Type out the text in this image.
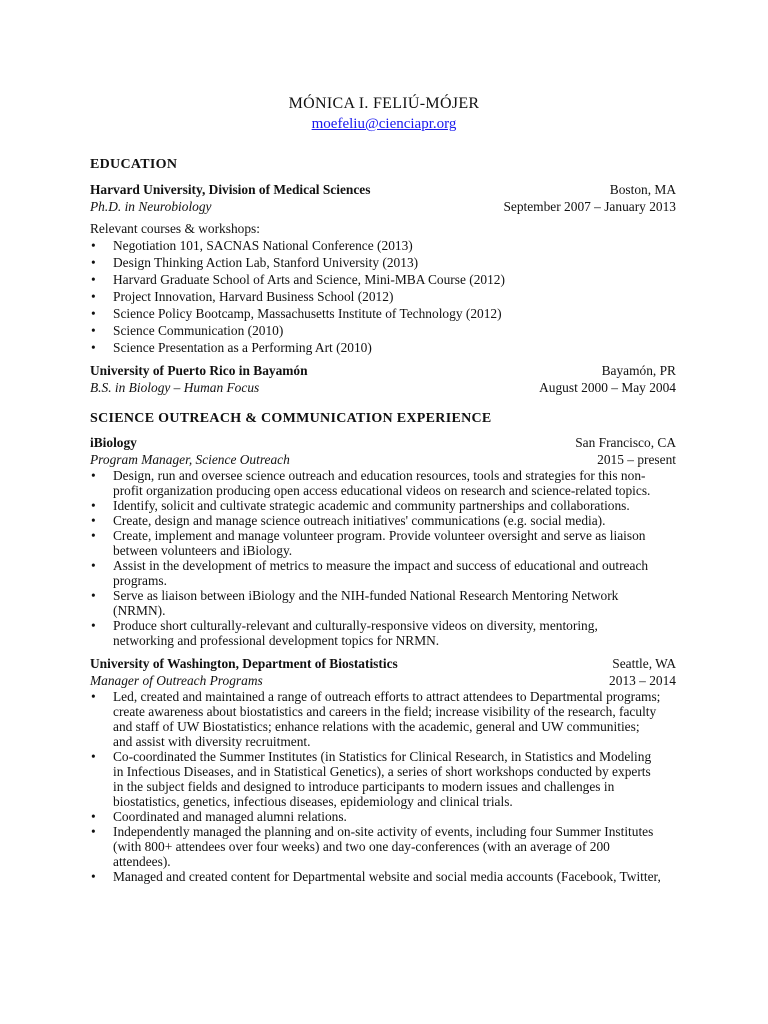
MÓNICA I. FELIÚ-MÓJER
moefeliu@cienciapr.org
EDUCATION
Harvard University, Division of Medical Sciences	Boston, MA
Ph.D. in Neurobiology	September 2007 – January 2013
Relevant courses & workshops:
• Negotiation 101, SACNAS National Conference (2013)
• Design Thinking Action Lab, Stanford University (2013)
• Harvard Graduate School of Arts and Science, Mini-MBA Course (2012)
• Project Innovation, Harvard Business School (2012)
• Science Policy Bootcamp, Massachusetts Institute of Technology (2012)
• Science Communication (2010)
• Science Presentation as a Performing Art (2010)
University of Puerto Rico in Bayamón	Bayamón, PR
B.S. in Biology – Human Focus	August 2000 – May 2004
SCIENCE OUTREACH & COMMUNICATION EXPERIENCE
iBiology	San Francisco, CA
Program Manager, Science Outreach	2015 – present
• Design, run and oversee science outreach and education resources, tools and strategies for this non-
profit organization producing open access educational videos on research and science-related topics.
• Identify, solicit and cultivate strategic academic and community partnerships and collaborations.
• Create, design and manage science outreach initiatives' communications (e.g. social media).
• Create, implement and manage volunteer program. Provide volunteer oversight and serve as liaison
between volunteers and iBiology.
• Assist in the development of metrics to measure the impact and success of educational and outreach
programs.
• Serve as liaison between iBiology and the NIH-funded National Research Mentoring Network
(NRMN).
• Produce short culturally-relevant and culturally-responsive videos on diversity, mentoring,
networking and professional development topics for NRMN.
University of Washington, Department of Biostatistics	Seattle, WA
Manager of Outreach Programs	2013 – 2014
• Led, created and maintained a range of outreach efforts to attract attendees to Departmental programs;
create awareness about biostatistics and careers in the field; increase visibility of the research, faculty
and staff of UW Biostatistics; enhance relations with the academic, general and UW communities;
and assist with diversity recruitment.
• Co-coordinated the Summer Institutes (in Statistics for Clinical Research, in Statistics and Modeling
in Infectious Diseases, and in Statistical Genetics), a series of short workshops conducted by experts
in the subject fields and designed to introduce participants to modern issues and challenges in
biostatistics, genetics, infectious diseases, epidemiology and clinical trials.
• Coordinated and managed alumni relations.
• Independently managed the planning and on-site activity of events, including four Summer Institutes
(with 800+ attendees over four weeks) and two one day-conferences (with an average of 200
attendees).
• Managed and created content for Departmental website and social media accounts (Facebook, Twitter,
